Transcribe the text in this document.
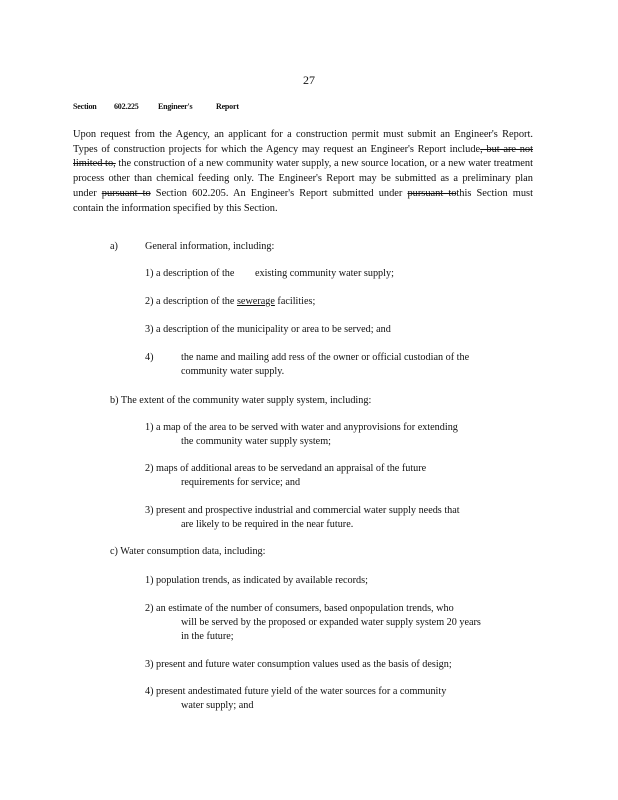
27
Section 602.225 Engineer's	Report
Upon request from the Agency, an applicant for a construction permit must submit an Engineer's Report. Types of construction projects for which the Agency may request an Engineer's Report include, but are not limited to, the construction of a new community water supply, a new source location, or a new water treatment process other than chemical feeding only. The Engineer's Report may be submitted as a preliminary plan under pursuant to Section 602.205. An Engineer's Report submitted under pursuant tothis Section must contain the information specified by this Section.
a)	General information, including:
1) a description of the existing community water supply;
2) a description of the sewerage facilities;
3) a description of the municipality or area to be served; and
4)	the name and mailing add ress of the owner or official custodian of the
community water supply.
b) The extent of the community water supply system, including:
1) a map of the area to be served with water and anyprovisions for extending
the community water supply system;
2) maps of additional areas to be servedand an appraisal of the future
requirements for service; and
3) present and prospective industrial and commercial water supply needs that
are likely to be required in the near future.
c) Water consumption data, including:
1) population trends, as indicated by available records;
2) an estimate of the number of consumers, based onpopulation trends, who
will be served by the proposed or expanded water supply system 20 years
in the future;
3) present and future water consumption values used as the basis of design;
4) present andestimated future yield of the water sources for a community
water supply; and
